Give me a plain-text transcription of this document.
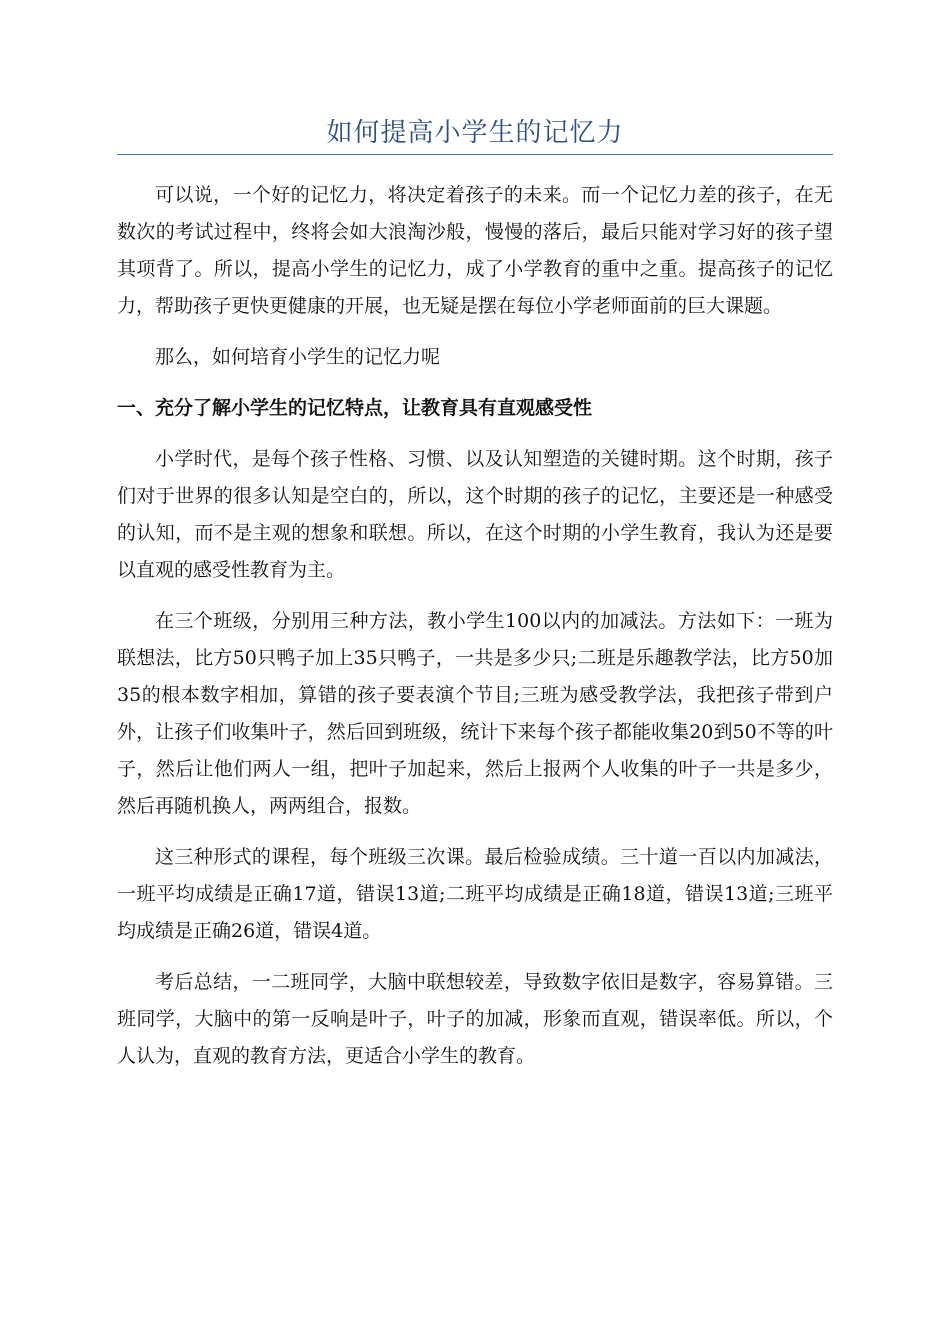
如何提高小学生的记忆力

可以说，一个好的记忆力，将决定着孩子的未来。而一个记忆力差的孩子，在无数次的考试过程中，终将会如大浪淘沙般，慢慢的落后，最后只能对学习好的孩子望其项背了。所以，提高小学生的记忆力，成了小学教育的重中之重。提高孩子的记忆力，帮助孩子更快更健康的开展，也无疑是摆在每位小学老师面前的巨大课题。

那么，如何培育小学生的记忆力呢

一、充分了解小学生的记忆特点，让教育具有直观感受性

小学时代，是每个孩子性格、习惯、以及认知塑造的关键时期。这个时期，孩子们对于世界的很多认知是空白的，所以，这个时期的孩子的记忆，主要还是一种感受的认知，而不是主观的想象和联想。所以，在这个时期的小学生教育，我认为还是要以直观的感受性教育为主。

在三个班级，分别用三种方法，教小学生100以内的加减法。方法如下：一班为联想法，比方50只鸭子加上35只鸭子，一共是多少只;二班是乐趣教学法，比方50加35的根本数字相加，算错的孩子要表演个节目;三班为感受教学法，我把孩子带到户外，让孩子们收集叶子，然后回到班级，统计下来每个孩子都能收集20到50不等的叶子，然后让他们两人一组，把叶子加起来，然后上报两个人收集的叶子一共是多少，然后再随机换人，两两组合，报数。

这三种形式的课程，每个班级三次课。最后检验成绩。三十道一百以内加减法，一班平均成绩是正确17道，错误13道;二班平均成绩是正确18道，错误13道;三班平均成绩是正确26道，错误4道。

考后总结，一二班同学，大脑中联想较差，导致数字依旧是数字，容易算错。三班同学，大脑中的第一反响是叶子，叶子的加减，形象而直观，错误率低。所以，个人认为，直观的教育方法，更适合小学生的教育。
